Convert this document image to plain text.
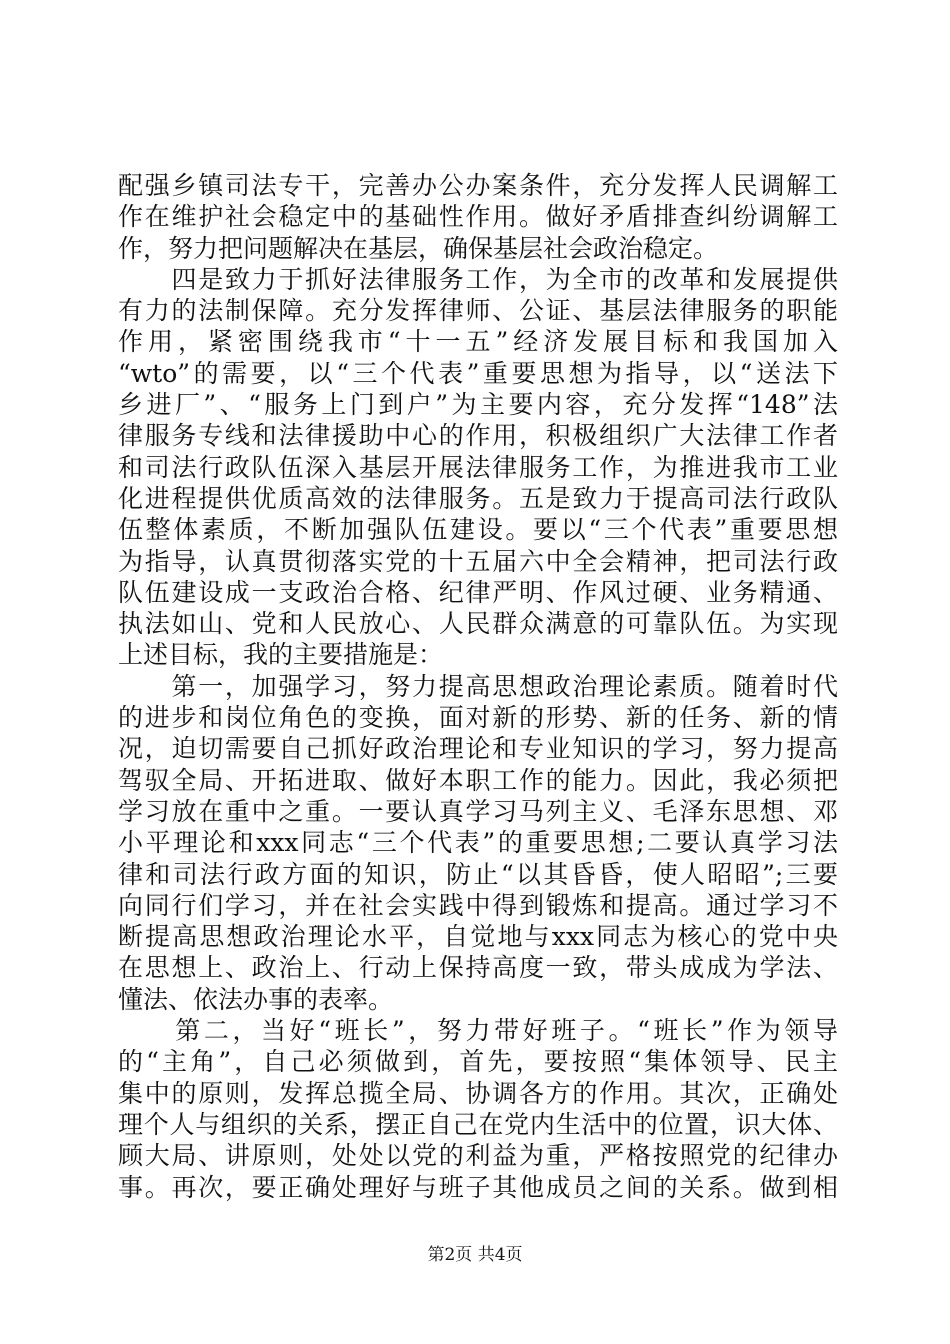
配强乡镇司法专干，完善办公办案条件，充分发挥人民调解工
作在维护社会稳定中的基础性作用。做好矛盾排查纠纷调解工
作，努力把问题解决在基层，确保基层社会政治稳定。
　　四是致力于抓好法律服务工作，为全市的改革和发展提供
有力的法制保障。充分发挥律师、公证、基层法律服务的职能
作用，紧密围绕我市“十一五”经济发展目标和我国加入
“wto”的需要，以“三个代表”重要思想为指导，以“送法下
乡进厂”、“服务上门到户”为主要内容，充分发挥“148”法
律服务专线和法律援助中心的作用，积极组织广大法律工作者
和司法行政队伍深入基层开展法律服务工作，为推进我市工业
化进程提供优质高效的法律服务。五是致力于提高司法行政队
伍整体素质，不断加强队伍建设。要以“三个代表”重要思想
为指导，认真贯彻落实党的十五届六中全会精神，把司法行政
队伍建设成一支政治合格、纪律严明、作风过硬、业务精通、
执法如山、党和人民放心、人民群众满意的可靠队伍。为实现
上述目标，我的主要措施是：
　　第一，加强学习，努力提高思想政治理论素质。随着时代
的进步和岗位角色的变换，面对新的形势、新的任务、新的情
况，迫切需要自己抓好政治理论和专业知识的学习，努力提高
驾驭全局、开拓进取、做好本职工作的能力。因此，我必须把
学习放在重中之重。一要认真学习马列主义、毛泽东思想、邓
小平理论和xxx同志“三个代表”的重要思想;二要认真学习法
律和司法行政方面的知识，防止“以其昏昏，使人昭昭”;三要
向同行们学习，并在社会实践中得到锻炼和提高。通过学习不
断提高思想政治理论水平，自觉地与xxx同志为核心的党中央
在思想上、政治上、行动上保持高度一致，带头成成为学法、
懂法、依法办事的表率。
　　第二，当好“班长”，努力带好班子。“班长”作为领导
的“主角”，自己必须做到，首先，要按照“集体领导、民主
集中的原则，发挥总揽全局、协调各方的作用。其次，正确处
理个人与组织的关系，摆正自己在党内生活中的位置，识大体、
顾大局、讲原则，处处以党的利益为重，严格按照党的纪律办
事。再次，要正确处理好与班子其他成员之间的关系。做到相
第2页 共4页
